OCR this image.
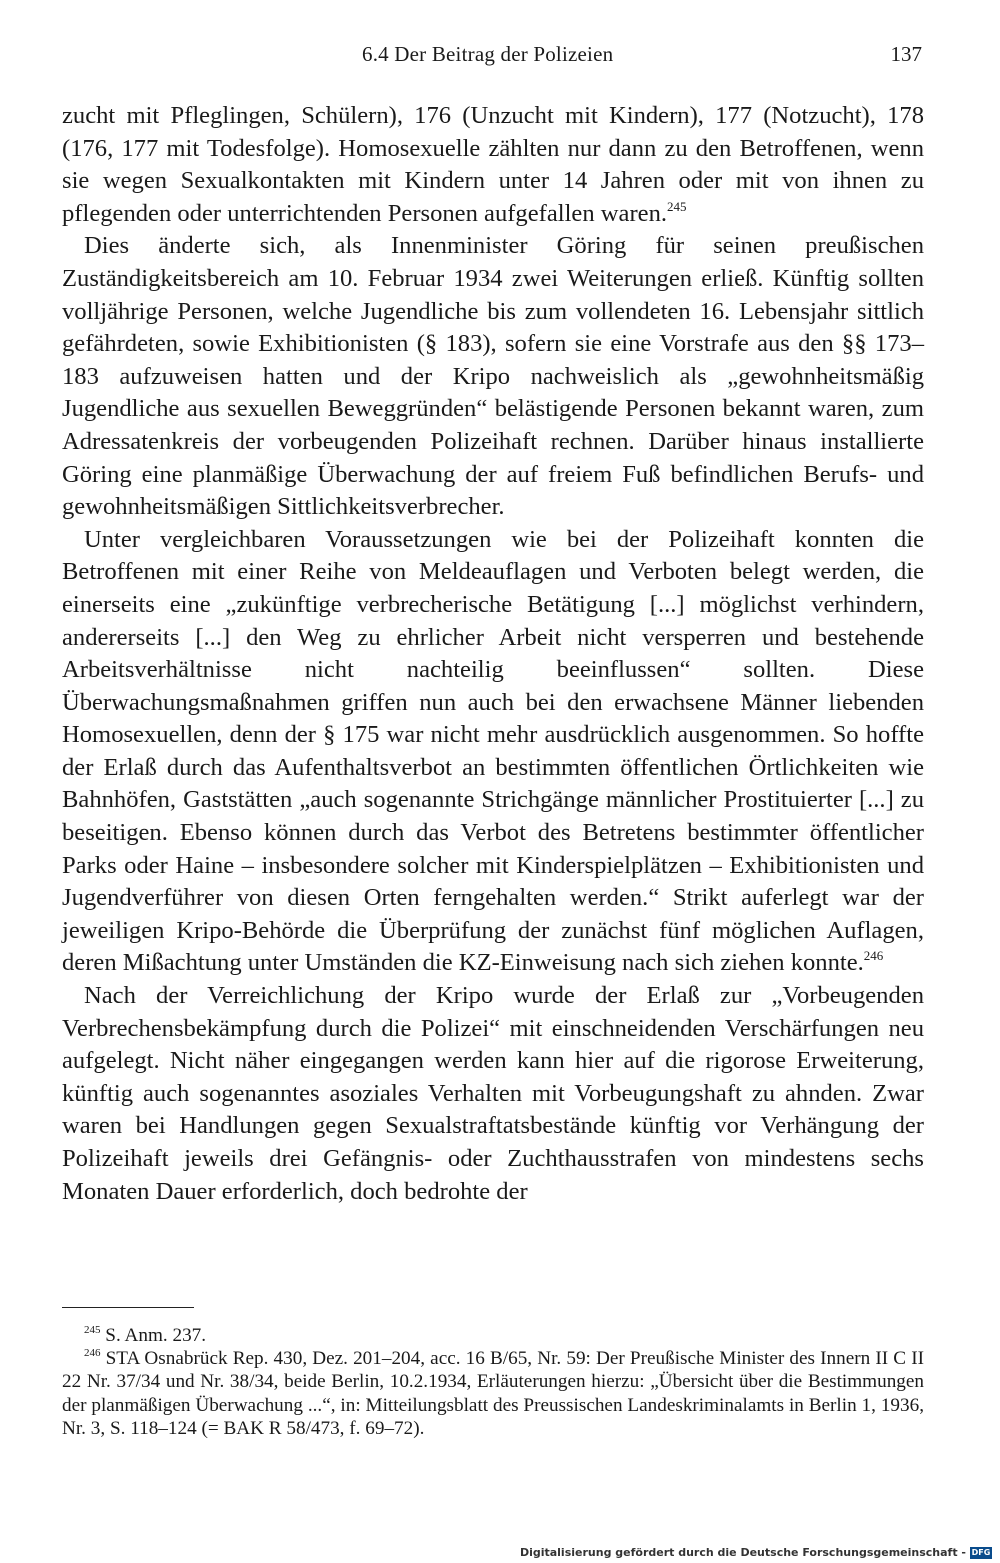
6.4 Der Beitrag der Polizeien	137

zucht mit Pfleglingen, Schülern), 176 (Unzucht mit Kindern), 177 (Notzucht), 178 (176, 177 mit Todesfolge). Homosexuelle zählten nur dann zu den Betroffenen, wenn sie wegen Sexualkontakten mit Kindern unter 14 Jahren oder mit von ihnen zu pflegenden oder unterrichtenden Personen aufgefallen waren.$^{245}$

Dies änderte sich, als Innenminister Göring für seinen preußischen Zuständigkeitsbereich am 10. Februar 1934 zwei Weiterungen erließ. Künftig sollten volljährige Personen, welche Jugendliche bis zum vollendeten 16. Lebensjahr sittlich gefährdeten, sowie Exhibitionisten (§ 183), sofern sie eine Vorstrafe aus den §§ 173–183 aufzuweisen hatten und der Kripo nachweislich als „gewohnheitsmäßig Jugendliche aus sexuellen Beweggründen“ belästigende Personen bekannt waren, zum Adressatenkreis der vorbeugenden Polizeihaft rechnen. Darüber hinaus installierte Göring eine planmäßige Überwachung der auf freiem Fuß befindlichen Berufs- und gewohnheitsmäßigen Sittlichkeitsverbrecher.

Unter vergleichbaren Voraussetzungen wie bei der Polizeihaft konnten die Betroffenen mit einer Reihe von Meldeauflagen und Verboten belegt werden, die einerseits eine „zukünftige verbrecherische Betätigung [...] möglichst verhindern, andererseits [...] den Weg zu ehrlicher Arbeit nicht versperren und bestehende Arbeitsverhältnisse nicht nachteilig beeinflussen“ sollten. Diese Überwachungsmaßnahmen griffen nun auch bei den erwachsene Männer liebenden Homosexuellen, denn der § 175 war nicht mehr ausdrücklich ausgenommen. So hoffte der Erlaß durch das Aufenthaltsverbot an bestimmten öffentlichen Örtlichkeiten wie Bahnhöfen, Gaststätten „auch sogenannte Strichgänge männlicher Prostituierter [...] zu beseitigen. Ebenso können durch das Verbot des Betretens bestimmter öffentlicher Parks oder Haine – insbesondere solcher mit Kinderspielplätzen – Exhibitionisten und Jugendverführer von diesen Orten ferngehalten werden.“ Strikt auferlegt war der jeweiligen Kripo-Behörde die Überprüfung der zunächst fünf möglichen Auflagen, deren Mißachtung unter Umständen die KZ-Einweisung nach sich ziehen konnte.$^{246}$

Nach der Verreichlichung der Kripo wurde der Erlaß zur „Vorbeugenden Verbrechensbekämpfung durch die Polizei“ mit einschneidenden Verschärfungen neu aufgelegt. Nicht näher eingegangen werden kann hier auf die rigorose Erweiterung, künftig auch sogenanntes asoziales Verhalten mit Vorbeugungshaft zu ahnden. Zwar waren bei Handlungen gegen Sexualstraftatsbestände künftig vor Verhängung der Polizeihaft jeweils drei Gefängnis- oder Zuchthausstrafen von mindestens sechs Monaten Dauer erforderlich, doch bedrohte der

$^{245}$ S. Anm. 237.

$^{246}$ STA Osnabrück Rep. 430, Dez. 201–204, acc. 16 B/65, Nr. 59: Der Preußische Minister des Innern II C II 22 Nr. 37/34 und Nr. 38/34, beide Berlin, 10.2.1934, Erläuterungen hierzu: „Übersicht über die Bestimmungen der planmäßigen Überwachung ...“, in: Mitteilungsblatt des Preussischen Landeskriminalamts in Berlin 1, 1936, Nr. 3, S. 118–124 (= BAK R 58/473, f. 69–72).

Digitalisierung gefördert durch die Deutsche Forschungsgemeinschaft - DFG
